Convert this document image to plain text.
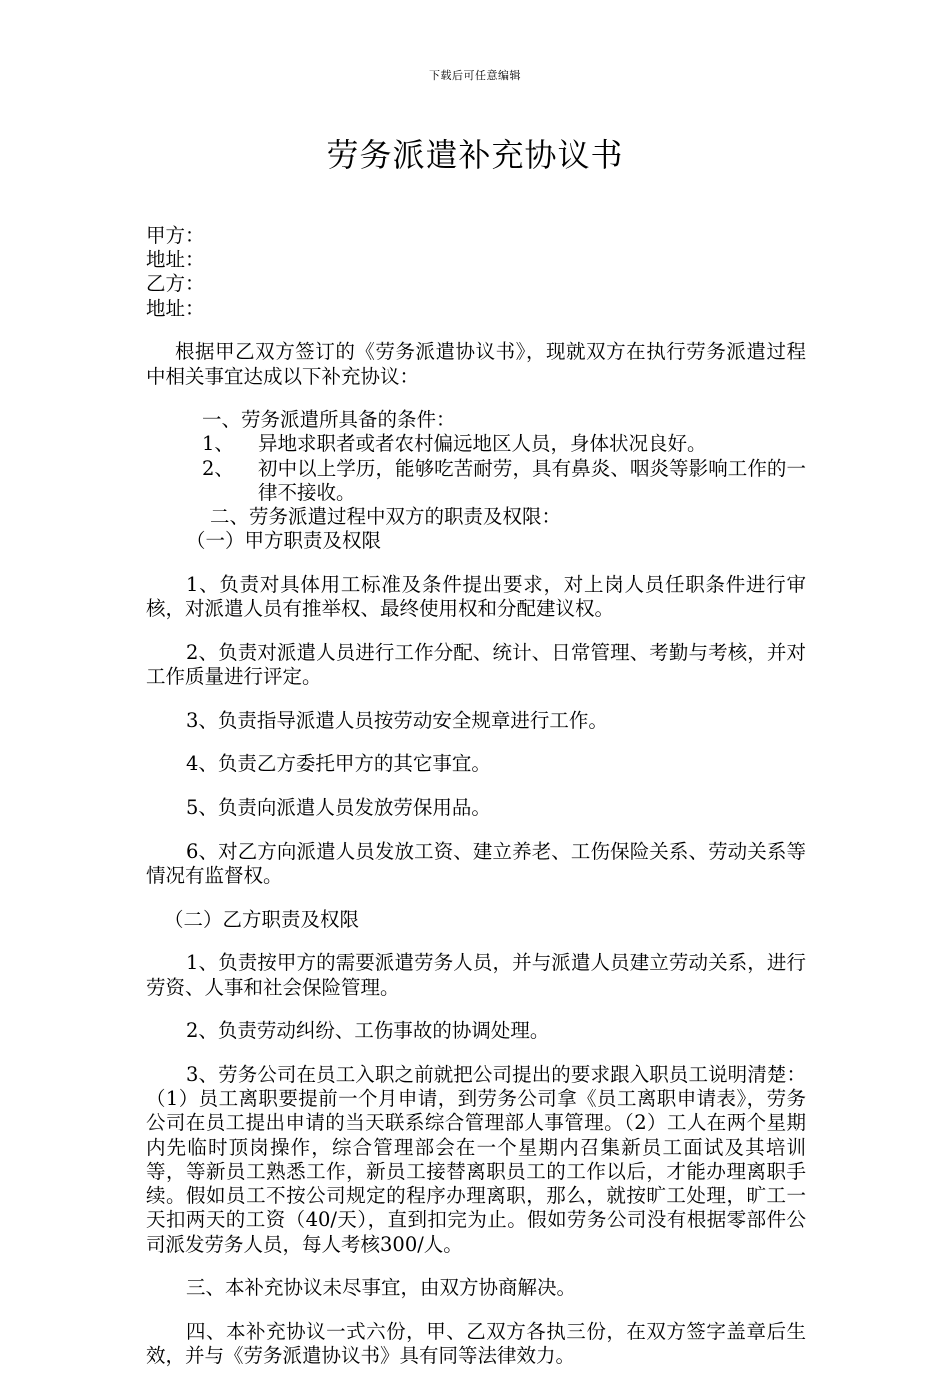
下载后可任意编辑
劳务派遣补充协议书

甲方：

地址：

乙方：

地址：

根据甲乙双方签订的《劳务派遣协议书》，现就双方在执行劳务派遣过程中相关事宜达成以下补充协议：

一、劳务派遣所具备的条件：

1、	异地求职者或者农村偏远地区人员，身体状况良好。
2、	初中以上学历，能够吃苦耐劳，具有鼻炎、咽炎等影响工作的一律不接收。

二、劳务派遣过程中双方的职责及权限：

（一）甲方职责及权限

1、负责对具体用工标准及条件提出要求，对上岗人员任职条件进行审核，对派遣人员有推举权、最终使用权和分配建议权。

2、负责对派遣人员进行工作分配、统计、日常管理、考勤与考核，并对工作质量进行评定。

3、负责指导派遣人员按劳动安全规章进行工作。

4、负责乙方委托甲方的其它事宜。

5、负责向派遣人员发放劳保用品。

6、对乙方向派遣人员发放工资、建立养老、工伤保险关系、劳动关系等情况有监督权。

（二）乙方职责及权限

1、负责按甲方的需要派遣劳务人员，并与派遣人员建立劳动关系，进行劳资、人事和社会保险管理。

2、负责劳动纠纷、工伤事故的协调处理。

3、劳务公司在员工入职之前就把公司提出的要求跟入职员工说明清楚：（1）员工离职要提前一个月申请，到劳务公司拿《员工离职申请表》，劳务公司在员工提出申请的当天联系综合管理部人事管理。（2）工人在两个星期内先临时顶岗操作，综合管理部会在一个星期内召集新员工面试及其培训等，等新员工熟悉工作，新员工接替离职员工的工作以后，才能办理离职手续。假如员工不按公司规定的程序办理离职，那么，就按旷工处理，旷工一天扣两天的工资（40/天），直到扣完为止。假如劳务公司没有根据零部件公司派发劳务人员，每人考核300/人。

三、本补充协议未尽事宜，由双方协商解决。

四、本补充协议一式六份，甲、乙双方各执三份，在双方签字盖章后生效，并与《劳务派遣协议书》具有同等法律效力。
